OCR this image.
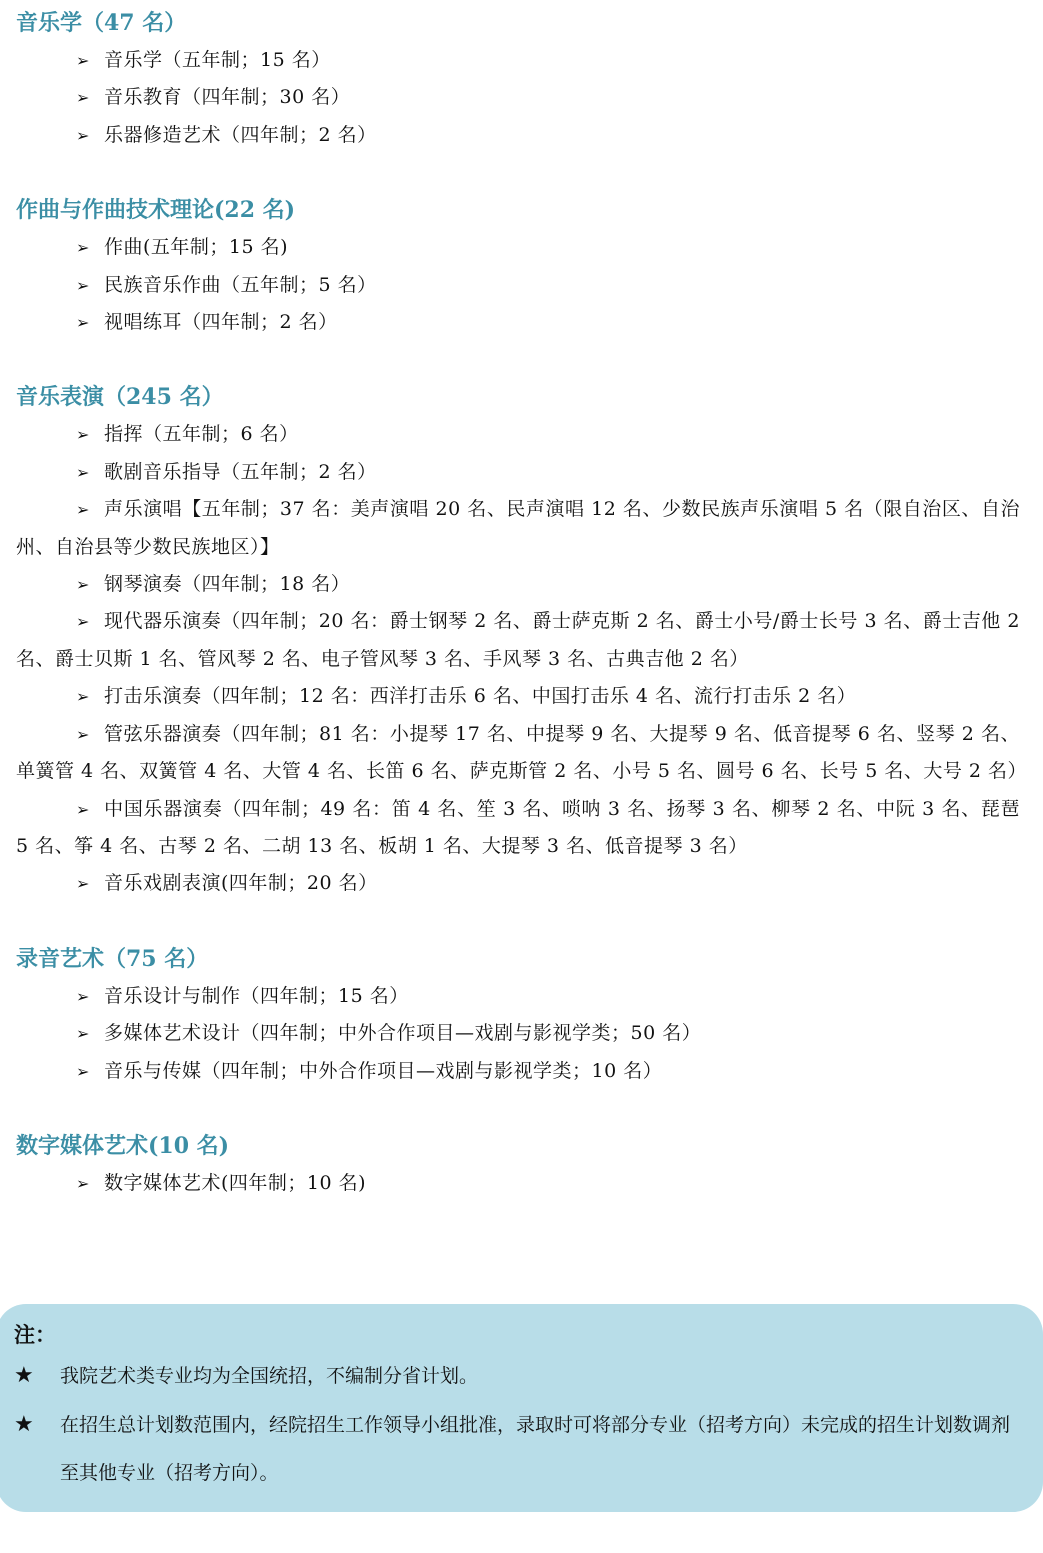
音乐学（47 名）

➢ 音乐学（五年制；15 名）

➢ 音乐教育（四年制；30 名）

➢ 乐器修造艺术（四年制；2 名）

作曲与作曲技术理论(22 名)

➢ 作曲(五年制；15 名)

➢ 民族音乐作曲（五年制；5 名）

➢ 视唱练耳（四年制；2 名）

音乐表演（245 名）

➢ 指挥（五年制；6 名）

➢ 歌剧音乐指导（五年制；2 名）

➢ 声乐演唱【五年制；37 名：美声演唱 20 名、民声演唱 12 名、少数民族声乐演唱 5 名（限自治区、自治州、自治县等少数民族地区）】

➢ 钢琴演奏（四年制；18 名）

➢ 现代器乐演奏（四年制；20 名：爵士钢琴 2 名、爵士萨克斯 2 名、爵士小号/爵士长号 3 名、爵士吉他 2 名、爵士贝斯 1 名、管风琴 2 名、电子管风琴 3 名、手风琴 3 名、古典吉他 2 名）

➢ 打击乐演奏（四年制；12 名：西洋打击乐 6 名、中国打击乐 4 名、流行打击乐 2 名）

➢ 管弦乐器演奏（四年制；81 名：小提琴 17 名、中提琴 9 名、大提琴 9 名、低音提琴 6 名、竖琴 2 名、单簧管 4 名、双簧管 4 名、大管 4 名、长笛 6 名、萨克斯管 2 名、小号 5 名、圆号 6 名、长号 5 名、大号 2 名）

➢ 中国乐器演奏（四年制；49 名：笛 4 名、笙 3 名、唢呐 3 名、扬琴 3 名、柳琴 2 名、中阮 3 名、琵琶 5 名、筝 4 名、古琴 2 名、二胡 13 名、板胡 1 名、大提琴 3 名、低音提琴 3 名）

➢ 音乐戏剧表演(四年制；20 名）

录音艺术（75 名）

➢ 音乐设计与制作（四年制；15 名）

➢ 多媒体艺术设计（四年制；中外合作项目—戏剧与影视学类；50 名）

➢ 音乐与传媒（四年制；中外合作项目—戏剧与影视学类；10 名）

数字媒体艺术(10 名)

➢ 数字媒体艺术(四年制；10 名)

注：
★ 我院艺术类专业均为全国统招，不编制分省计划。
★ 在招生总计划数范围内，经院招生工作领导小组批准，录取时可将部分专业（招考方向）未完成的招生计划数调剂至其他专业（招考方向）。
